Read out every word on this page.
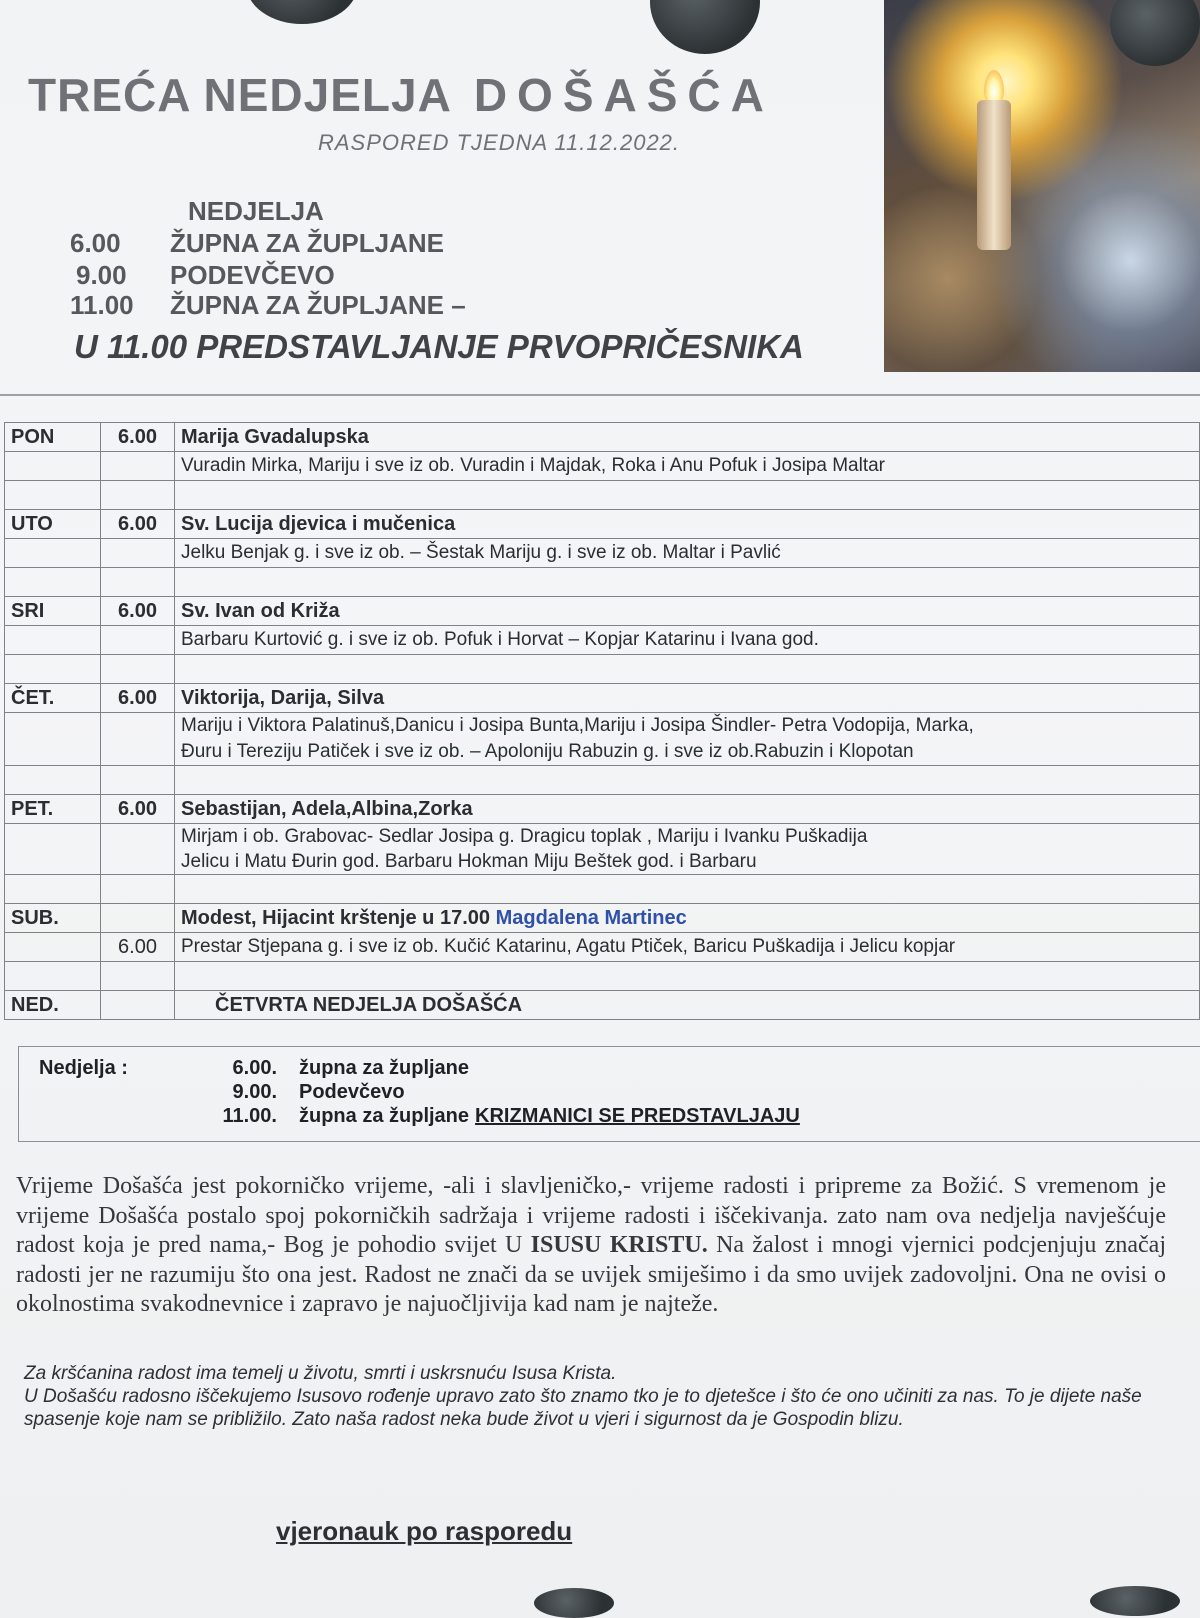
TREĆA NEDJELJA DOŠAŠĆA
RASPORED TJEDNA 11.12.2022.
NEDJELJA
6.00 ŽUPNA ZA ŽUPLJANE
9.00 PODEVČEVO
11.00 ŽUPNA ZA ŽUPLJANE –
U 11.00 PREDSTAVLJANJE PRVOPRIČESNIKA
PON	6.00	Marija Gvadalupska
		Vuradin Mirka, Mariju i sve iz ob. Vuradin i Majdak, Roka i Anu Pofuk i Josipa Maltar

UTO	6.00	Sv. Lucija djevica i mučenica
		Jelku Benjak g. i sve iz ob. – Šestak Mariju g. i sve iz ob. Maltar i Pavlić

SRI	6.00	Sv. Ivan od Križa
		Barbaru Kurtović g. i sve iz ob. Pofuk i Horvat – Kopjar Katarinu i Ivana god.

ČET.	6.00	Viktorija, Darija, Silva

		Mariju i Viktora Palatinuš,Danicu i Josipa Bunta,Mariju i Josipa Šindler- Petra Vodopija, Marka,
Đuru i Tereziju Patiček i sve iz ob. – Apoloniju Rabuzin g. i sve iz ob.Rabuzin i Klopotan

PET.	6.00	Sebastijan, Adela,Albina,Zorka

		Mirjam i ob. Grabovac- Sedlar Josipa g. Dragicu toplak , Mariju i Ivanku Puškadija
Jelicu i Matu Đurin god. Barbaru Hokman Miju Beštek god. i Barbaru

SUB.		Modest, Hijacint krštenje u 17.00 Magdalena Martinec
	6.00	Prestar Stjepana g. i sve iz ob. Kučić Katarinu, Agatu Ptiček, Baricu Puškadija i Jelicu kopjar

NED.		ČETVRTA NEDJELJA DOŠAŠĆA
Nedjelja :	6.00. župna za župljane
9.00. Podevčevo
11.00. župna za župljane KRIZMANICI SE PREDSTAVLJAJU
Vrijeme Došašća jest pokorničko vrijeme, -ali i slavljeničko,- vrijeme radosti i pripreme za Božić. S vremenom je vrijeme Došašća postalo spoj pokorničkih sadržaja i vrijeme radosti i iščekivanja. zato nam ova nedjelja navješćuje radost koja je pred nama,- Bog je pohodio svijet U ISUSU KRISTU. Na žalost i mnogi vjernici podcjenjuju značaj radosti jer ne razumiju što ona jest. Radost ne znači da se uvijek smiješimo i da smo uvijek zadovoljni. Ona ne ovisi o okolnostima svakodnevnice i zapravo je najuočljivija kad nam je najteže.
Za kršćanina radost ima temelj u životu, smrti i uskrsnuću Isusa Krista.
U Došašću radosno iščekujemo Isusovo rođenje upravo zato što znamo tko je to djetešce i što će ono učiniti za nas. To je dijete naše spasenje koje nam se približilo. Zato naša radost neka bude život u vjeri i sigurnost da je Gospodin blizu.
vjeronauk po rasporedu
